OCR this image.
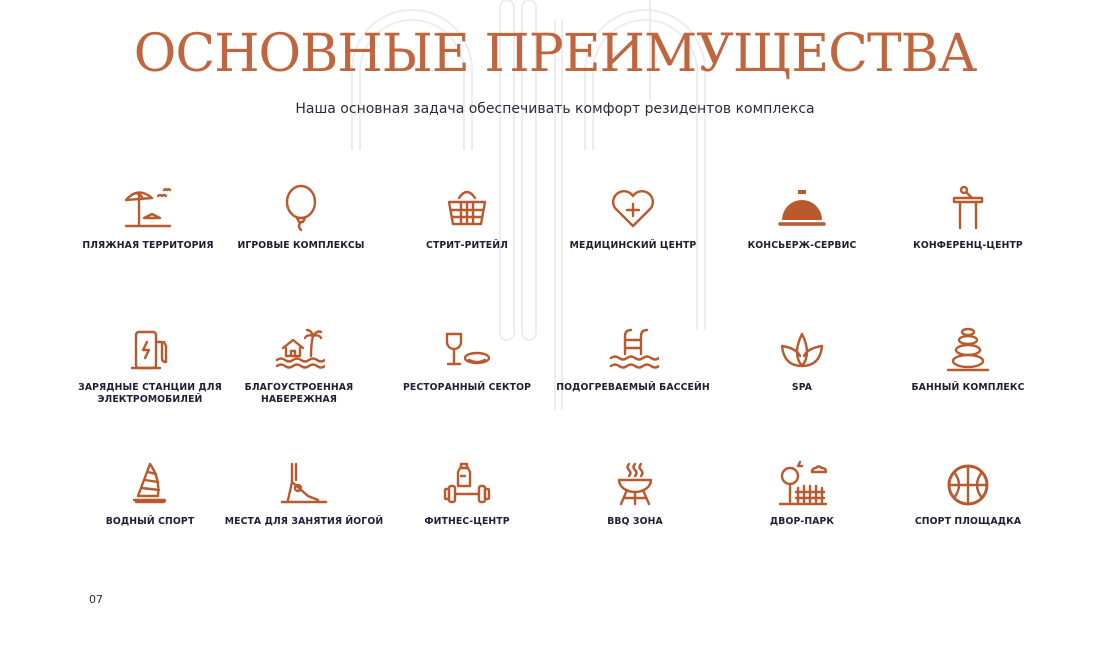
ОСНОВНЫЕ ПРЕИМУЩЕСТВА

Наша основная задача обеспечивать комфорт резидентов комплекса

ПЛЯЖНАЯ ТЕРРИТОРИЯ	ИГРОВЫЕ КОМПЛЕКСЫ	СТРИТ-РИТЕЙЛ	МЕДИЦИНСКИЙ ЦЕНТР	КОНСЬЕРЖ-СЕРВИС	КОНФЕРЕНЦ-ЦЕНТР
ЗАРЯДНЫЕ СТАНЦИИ ДЛЯ ЭЛЕКТРОМОБИЛЕЙ
БЛАГОУСТРОЕННАЯ НАБЕРЕЖНАЯ
РЕСТОРАННЫЙ СЕКТОР	ПОДОГРЕВАЕМЫЙ БАССЕЙН	SPA	БАННЫЙ КОМПЛЕКС
ВОДНЫЙ СПОРТ	МЕСТА ДЛЯ ЗАНЯТИЯ ЙОГОЙ	ФИТНЕС-ЦЕНТР	BBQ ЗОНА	ДВОР-ПАРК	СПОРТ ПЛОЩАДКА
07
